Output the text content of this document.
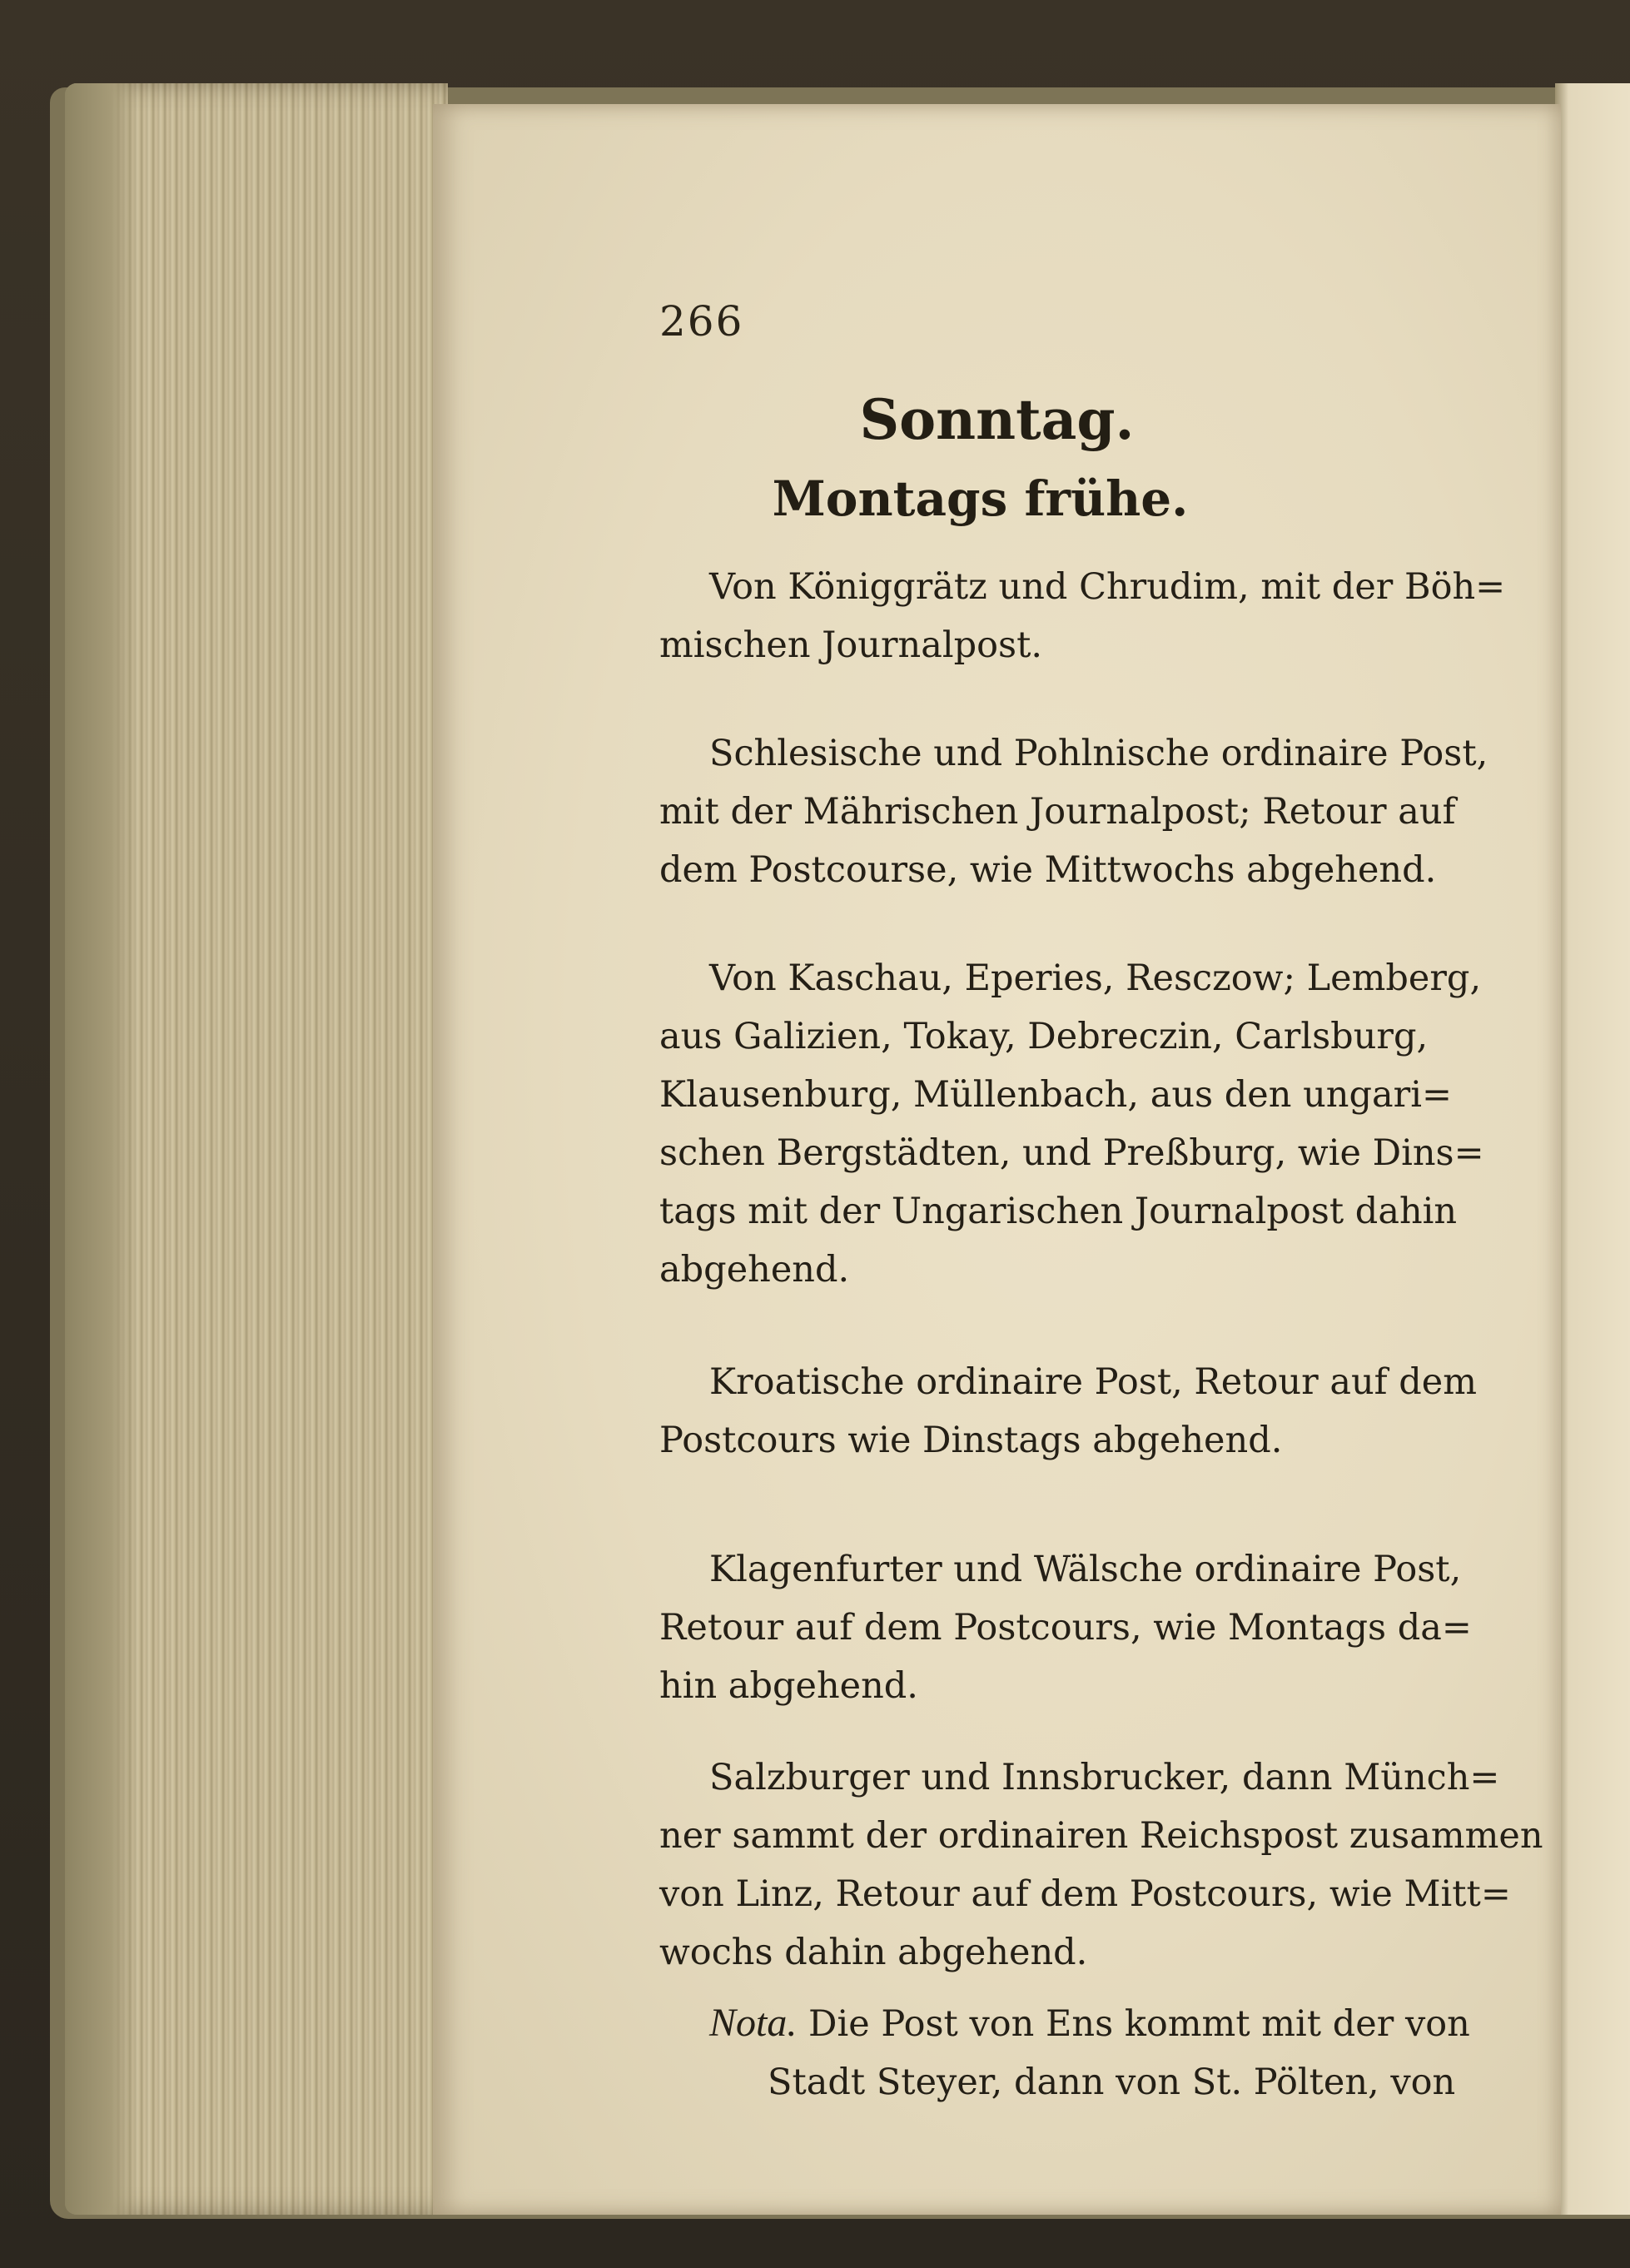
266
Sonntag.
Montags frühe.

Von Königgrätz und Chrudim, mit der Böh=
mischen Journalpost.

Schlesische und Pohlnische ordinaire Post,
mit der Mährischen Journalpost; Retour auf
dem Postcourse, wie Mittwochs abgehend.

Von Kaschau, Eperies, Resczow; Lemberg,
aus Galizien, Tokay, Debreczin, Carlsburg,
Klausenburg, Müllenbach, aus den ungari=
schen Bergstädten, und Preßburg, wie Dins=
tags mit der Ungarischen Journalpost dahin
abgehend.

Kroatische ordinaire Post, Retour auf dem
Postcours wie Dinstags abgehend.

Klagenfurter und Wälsche ordinaire Post,
Retour auf dem Postcours, wie Montags da=
hin abgehend.

Salzburger und Innsbrucker, dann Münch=
ner sammt der ordinairen Reichspost zusammen
von Linz, Retour auf dem Postcours, wie Mitt=
wochs dahin abgehend.

Nota. Die Post von Ens kommt mit der von
Stadt Steyer, dann von St. Pölten, von
